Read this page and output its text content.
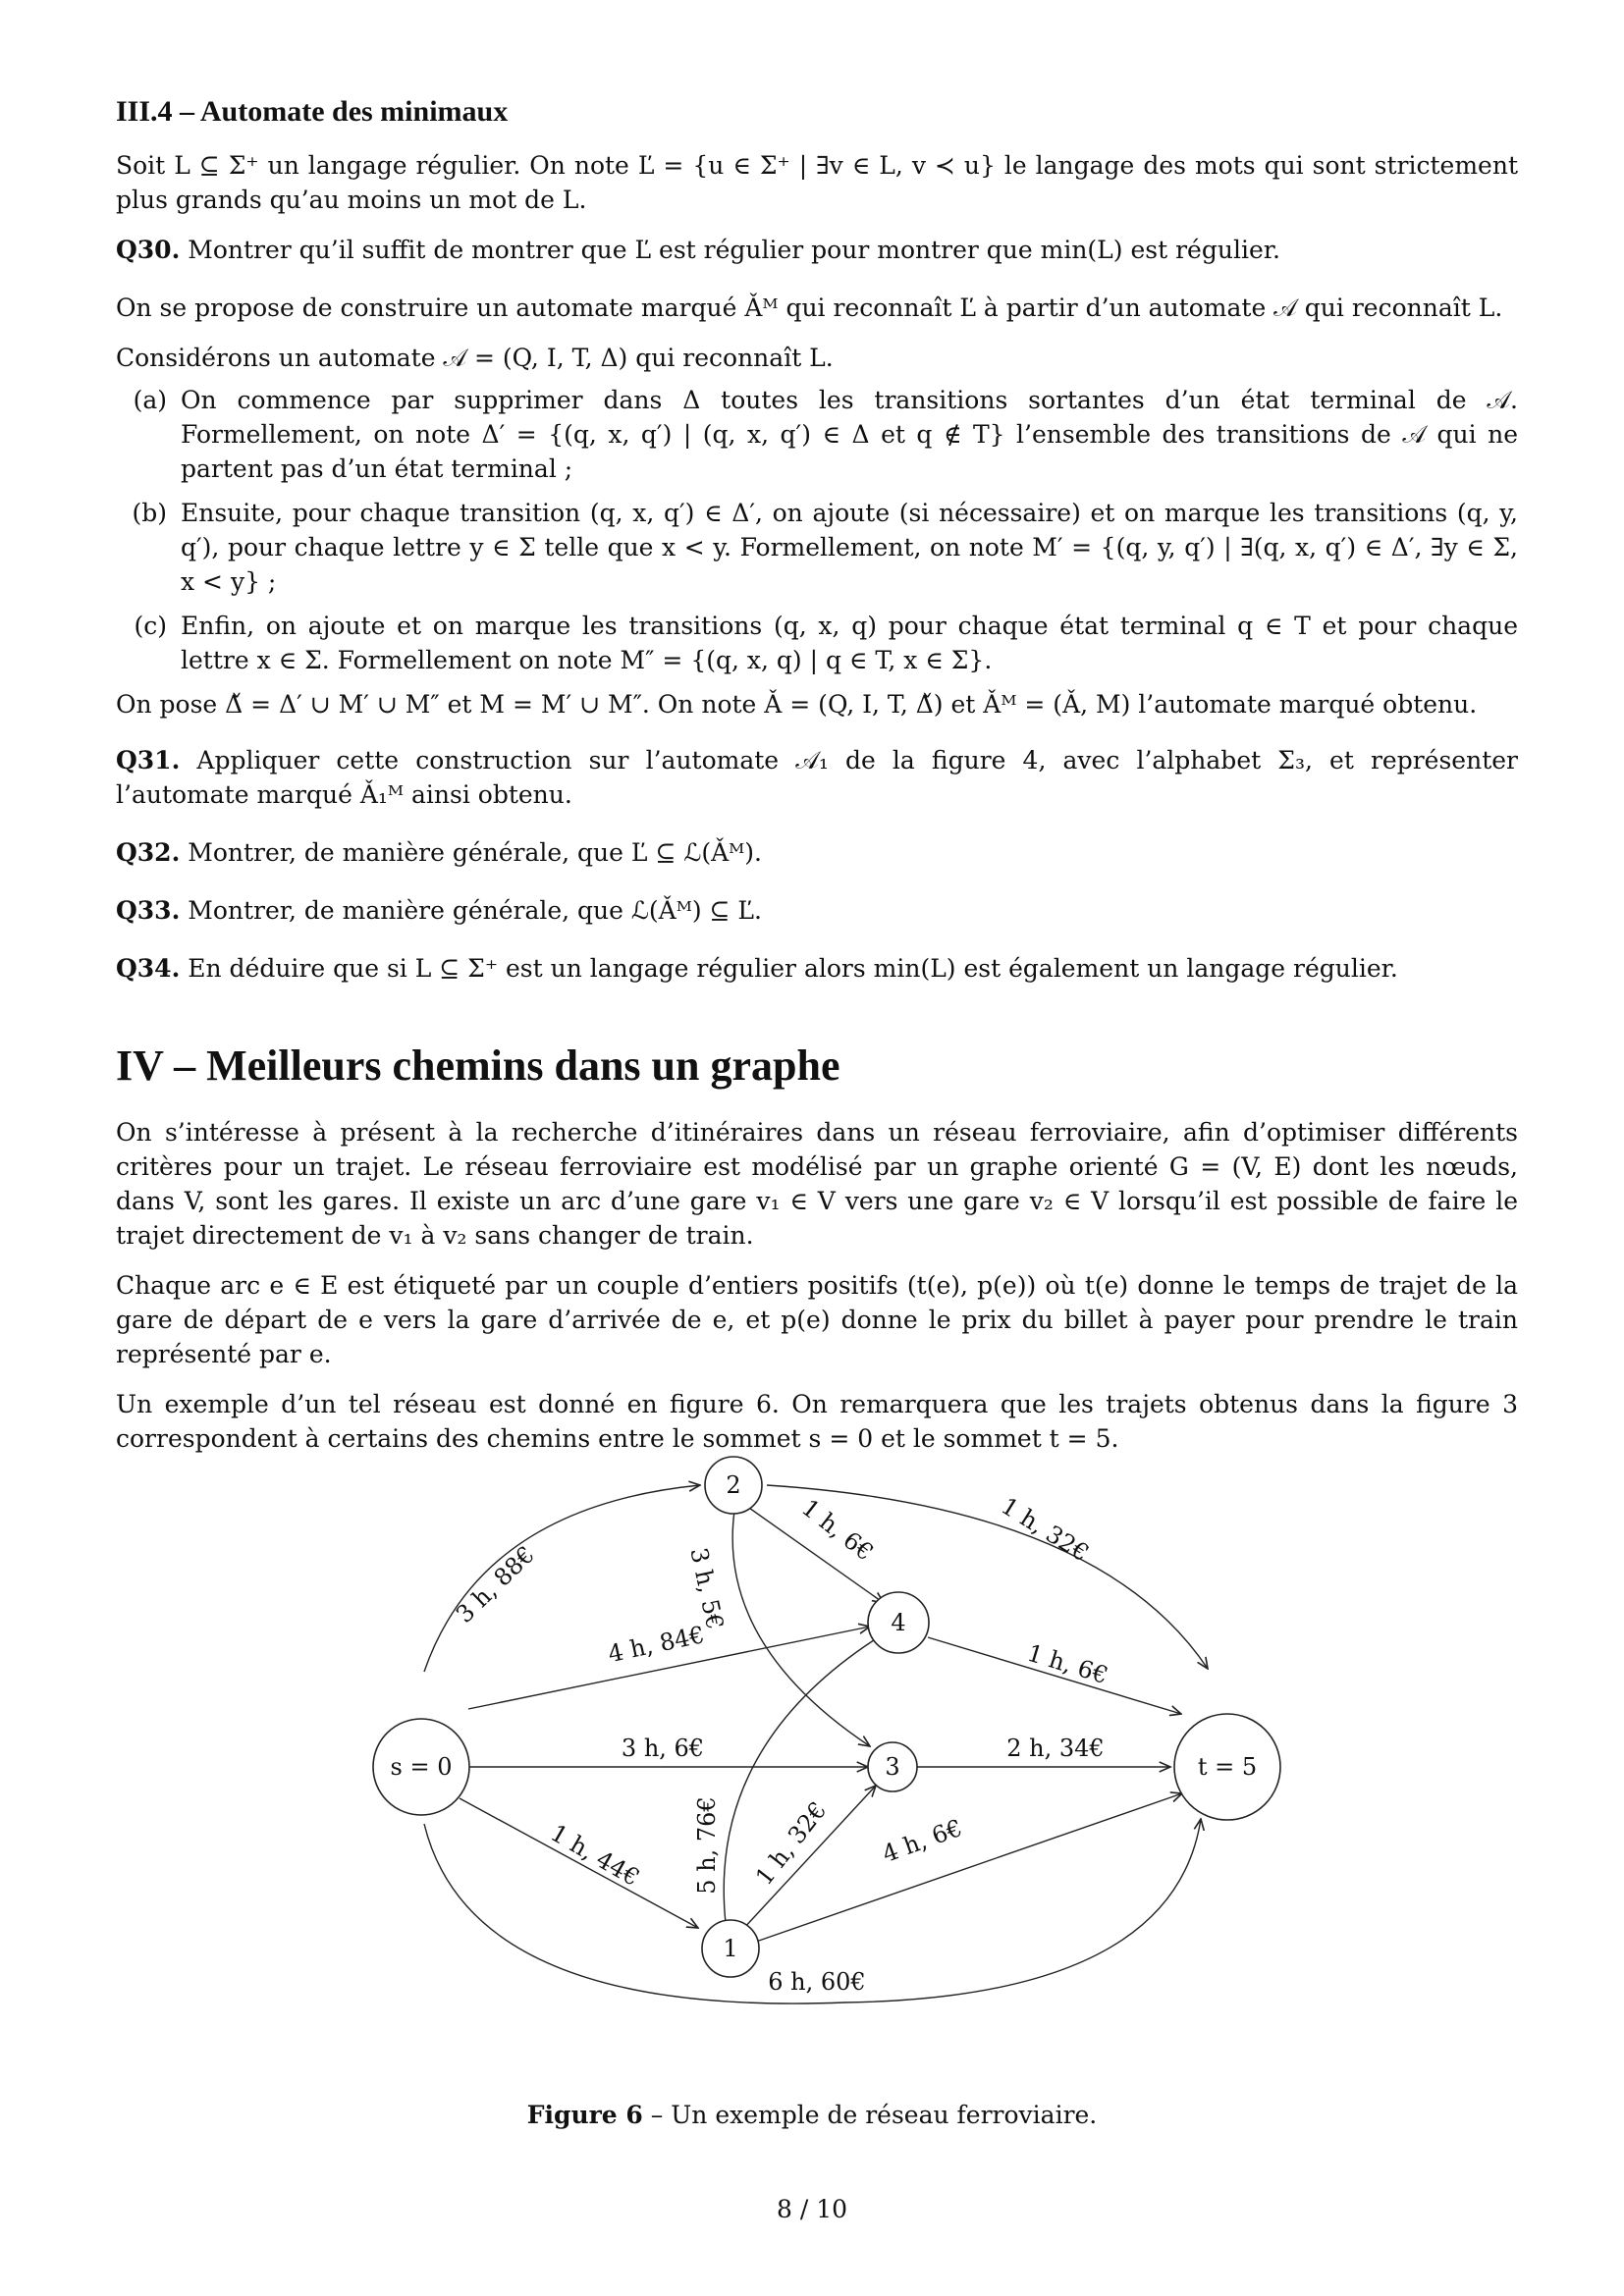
III.4 – Automate des minimaux

Soit L ⊆ Σ⁺ un langage régulier. On note Ľ = {u ∈ Σ⁺ | ∃v ∈ L, v ≺ u} le langage des mots qui sont strictement plus grands qu’au moins un mot de L.

Q30. Montrer qu’il suffit de montrer que Ľ est régulier pour montrer que min(L) est régulier.

On se propose de construire un automate marqué Ǎᴹ qui reconnaît Ľ à partir d’un automate 𝒜 qui reconnaît L.

Considérons un automate 𝒜 = (Q, I, T, Δ) qui reconnaît L.

(a) On commence par supprimer dans Δ toutes les transitions sortantes d’un état terminal de 𝒜. Formellement, on note Δ′ = {(q, x, q′) | (q, x, q′) ∈ Δ et q ∉ T} l’ensemble des transitions de 𝒜 qui ne partent pas d’un état terminal ;
(b) Ensuite, pour chaque transition (q, x, q′) ∈ Δ′, on ajoute (si nécessaire) et on marque les transitions (q, y, q′), pour chaque lettre y ∈ Σ telle que x < y. Formellement, on note M′ = {(q, y, q′) | ∃(q, x, q′) ∈ Δ′, ∃y ∈ Σ, x < y} ;
(c) Enfin, on ajoute et on marque les transitions (q, x, q) pour chaque état terminal q ∈ T et pour chaque lettre x ∈ Σ. Formellement on note M″ = {(q, x, q) | q ∈ T, x ∈ Σ}.

On pose Δ̌ = Δ′ ∪ M′ ∪ M″ et M = M′ ∪ M″. On note Ǎ = (Q, I, T, Δ̌) et Ǎᴹ = (Ǎ, M) l’automate marqué obtenu.

Q31. Appliquer cette construction sur l’automate 𝒜₁ de la figure 4, avec l’alphabet Σ₃, et représenter l’automate marqué Ǎ₁ᴹ ainsi obtenu.

Q32. Montrer, de manière générale, que Ľ ⊆ ℒ(Ǎᴹ).

Q33. Montrer, de manière générale, que ℒ(Ǎᴹ) ⊆ Ľ.

Q34. En déduire que si L ⊆ Σ⁺ est un langage régulier alors min(L) est également un langage régulier.

IV – Meilleurs chemins dans un graphe

On s’intéresse à présent à la recherche d’itinéraires dans un réseau ferroviaire, afin d’optimiser différents critères pour un trajet. Le réseau ferroviaire est modélisé par un graphe orienté G = (V, E) dont les nœuds, dans V, sont les gares. Il existe un arc d’une gare v₁ ∈ V vers une gare v₂ ∈ V lorsqu’il est possible de faire le trajet directement de v₁ à v₂ sans changer de train.

Chaque arc e ∈ E est étiqueté par un couple d’entiers positifs (t(e), p(e)) où t(e) donne le temps de trajet de la gare de départ de e vers la gare d’arrivée de e, et p(e) donne le prix du billet à payer pour prendre le train représenté par e.

Un exemple d’un tel réseau est donné en figure 6. On remarquera que les trajets obtenus dans la figure 3 correspondent à certains des chemins entre le sommet s = 0 et le sommet t = 5.

s = 0
2
4
3
1
t = 5
3 h, 88€
1 h, 32€
1 h, 6€
3 h, 5€
4 h, 84€	1 h, 6€
3 h, 6€	2 h, 34€
1 h, 44€ 5 h, 76€ 1 h, 32€ 4 h, 6€
6 h, 60€
Figure 6 – Un exemple de réseau ferroviaire.
8 / 10
